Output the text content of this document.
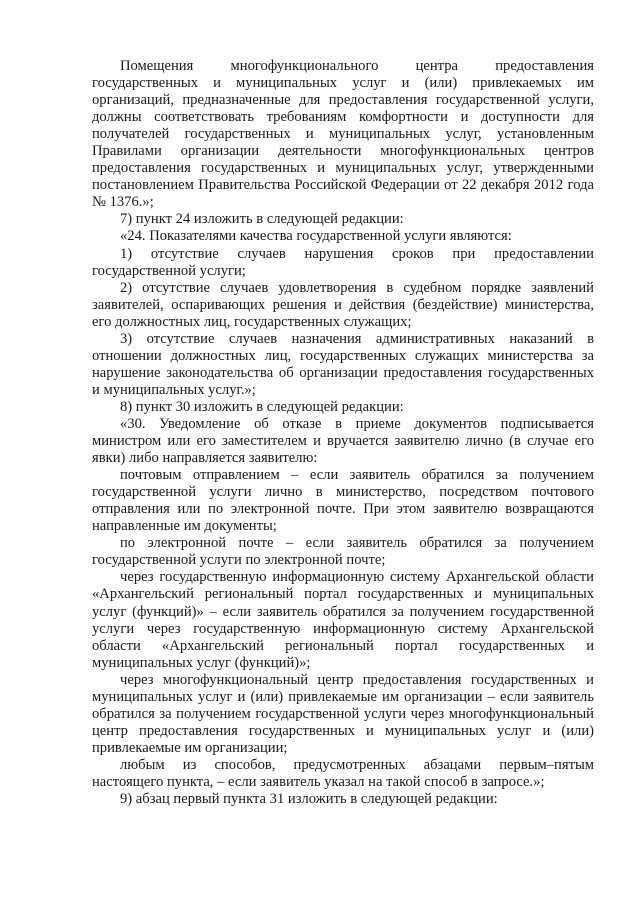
Помещения многофункционального центра предоставления государственных и муниципальных услуг и (или) привлекаемых им организаций, предназначенные для предоставления государственной услуги, должны соответствовать требованиям комфортности и доступности для получателей государственных и муниципальных услуг, установленным Правилами организации деятельности многофункциональных центров предоставления государственных и муниципальных услуг, утвержденными постановлением Правительства Российской Федерации от 22 декабря 2012 года № 1376.»;

7) пункт 24 изложить в следующей редакции:

«24. Показателями качества государственной услуги являются:

1) отсутствие случаев нарушения сроков при предоставлении государственной услуги;

2) отсутствие случаев удовлетворения в судебном порядке заявлений заявителей, оспаривающих решения и действия (бездействие) министерства, его должностных лиц, государственных служащих;

3) отсутствие случаев назначения административных наказаний в отношении должностных лиц, государственных служащих министерства за нарушение законодательства об организации предоставления государственных и муниципальных услуг.»;

8) пункт 30 изложить в следующей редакции:

«30. Уведомление об отказе в приеме документов подписывается министром или его заместителем и вручается заявителю лично (в случае его явки) либо направляется заявителю:

почтовым отправлением – если заявитель обратился за получением государственной услуги лично в министерство, посредством почтового отправления или по электронной почте. При этом заявителю возвращаются направленные им документы;

по электронной почте – если заявитель обратился за получением государственной услуги по электронной почте;

через государственную информационную систему Архангельской области «Архангельский региональный портал государственных и муниципальных услуг (функций)» – если заявитель обратился за получением государственной услуги через государственную информационную систему Архангельской области «Архангельский региональный портал государственных и муниципальных услуг (функций)»;

через многофункциональный центр предоставления государственных и муниципальных услуг и (или) привлекаемые им организации – если заявитель обратился за получением государственной услуги через многофункциональный центр предоставления государственных и муниципальных услуг и (или) привлекаемые им организации;

любым из способов, предусмотренных абзацами первым–пятым настоящего пункта, – если заявитель указал на такой способ в запросе.»;

9) абзац первый пункта 31 изложить в следующей редакции:
